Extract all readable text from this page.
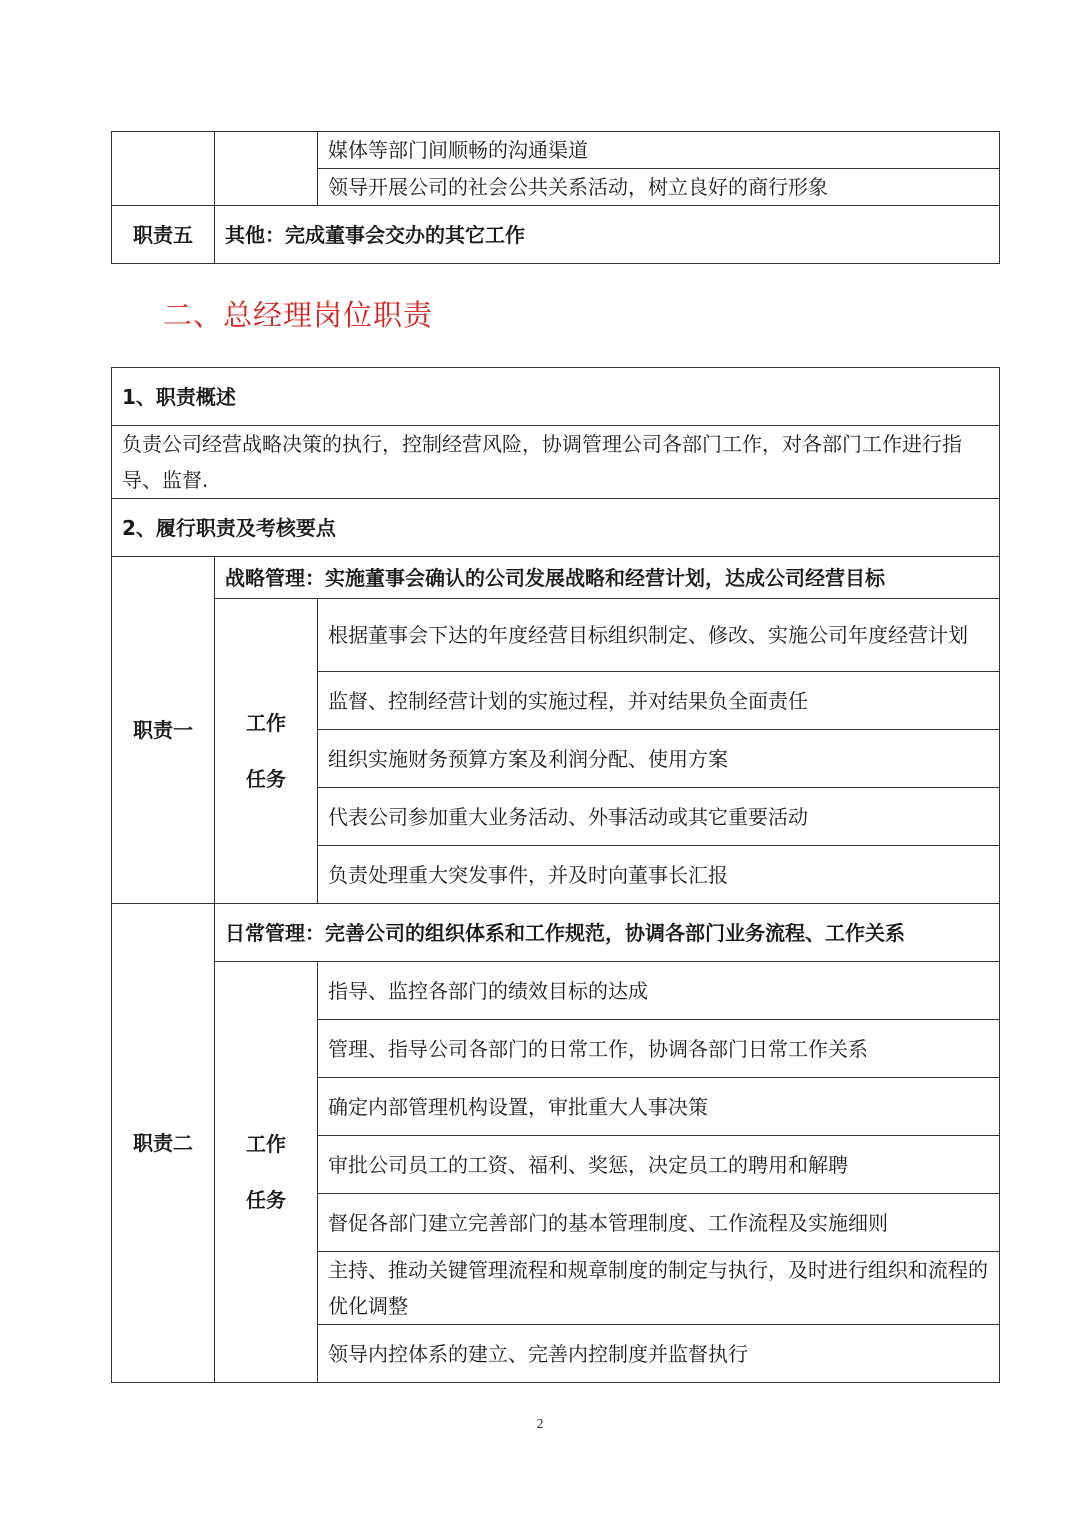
		媒体等部门间顺畅的沟通渠道
		领导开展公司的社会公共关系活动，树立良好的商行形象
职责五	其他：完成董事会交办的其它工作	
二、总经理岗位职责
1、职责概述		
负责公司经营战略决策的执行，控制经营风险，协调管理公司各部门工作，对各部门工作进行指导、监督.		
2、履行职责及考核要点		
职责一	战略管理：实施董事会确认的公司发展战略和经营计划，达成公司经营目标	
	工作任务	根据董事会下达的年度经营目标组织制定、修改、实施公司年度经营计划
		监督、控制经营计划的实施过程，并对结果负全面责任
		组织实施财务预算方案及利润分配、使用方案
		代表公司参加重大业务活动、外事活动或其它重要活动
		负责处理重大突发事件，并及时向董事长汇报
职责二	日常管理：完善公司的组织体系和工作规范，协调各部门业务流程、工作关系	
	工作任务	指导、监控各部门的绩效目标的达成
		管理、指导公司各部门的日常工作，协调各部门日常工作关系
		确定内部管理机构设置，审批重大人事决策
		审批公司员工的工资、福利、奖惩，决定员工的聘用和解聘
		督促各部门建立完善部门的基本管理制度、工作流程及实施细则
		主持、推动关键管理流程和规章制度的制定与执行，及时进行组织和流程的优化调整
		领导内控体系的建立、完善内控制度并监督执行
2
